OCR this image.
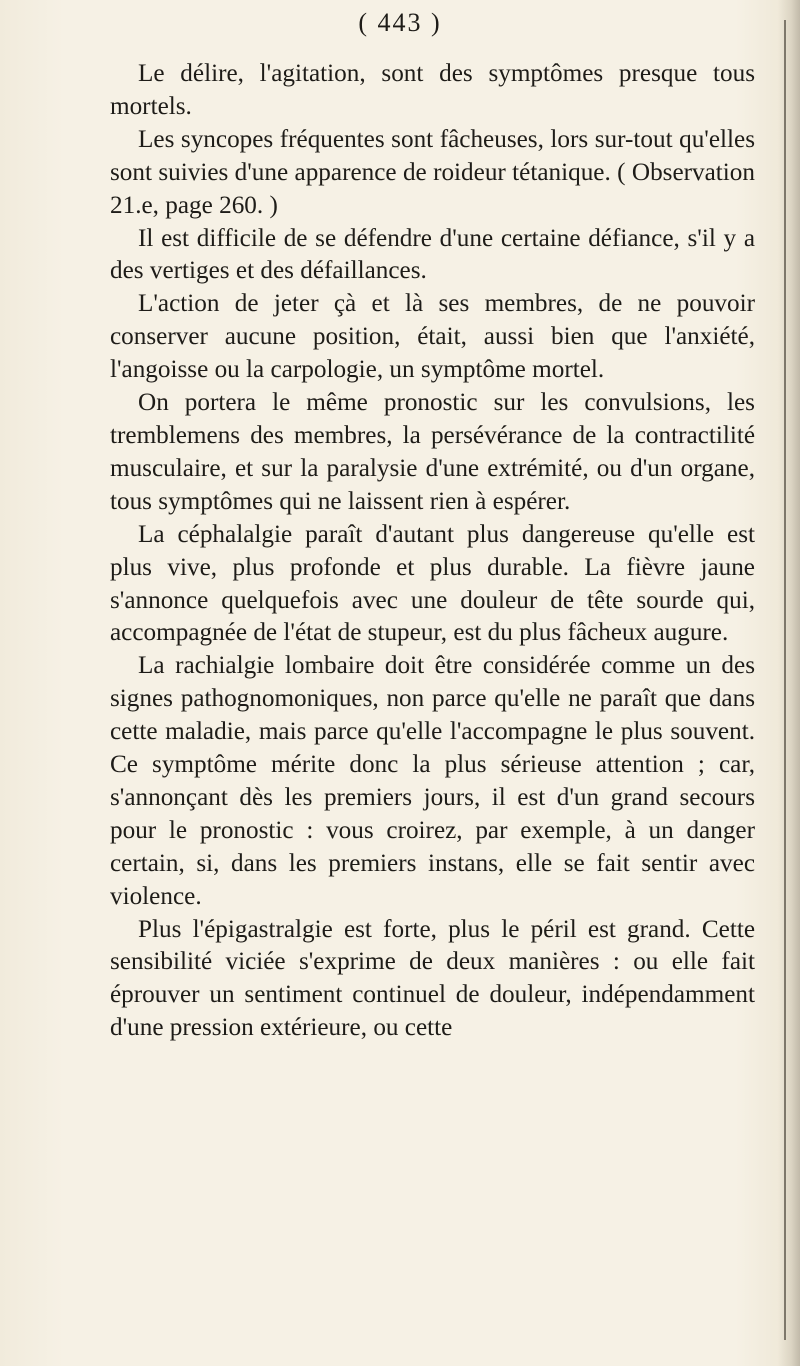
( 443 )

Le délire, l'agitation, sont des symptômes presque tous mortels.

Les syncopes fréquentes sont fâcheuses, lors sur-tout qu'elles sont suivies d'une apparence de roideur tétanique. ( Observation 21.e, page 260. )

Il est difficile de se défendre d'une certaine défiance, s'il y a des vertiges et des défaillances.

L'action de jeter çà et là ses membres, de ne pouvoir conserver aucune position, était, aussi bien que l'anxiété, l'angoisse ou la carpologie, un symptôme mortel.

On portera le même pronostic sur les convulsions, les tremblemens des membres, la persévérance de la contractilité musculaire, et sur la paralysie d'une extrémité, ou d'un organe, tous symptômes qui ne laissent rien à espérer.

La céphalalgie paraît d'autant plus dangereuse qu'elle est plus vive, plus profonde et plus durable. La fièvre jaune s'annonce quelquefois avec une douleur de tête sourde qui, accompagnée de l'état de stupeur, est du plus fâcheux augure.

La rachialgie lombaire doit être considérée comme un des signes pathognomoniques, non parce qu'elle ne paraît que dans cette maladie, mais parce qu'elle l'accompagne le plus souvent. Ce symptôme mérite donc la plus sérieuse attention ; car, s'annonçant dès les premiers jours, il est d'un grand secours pour le pronostic : vous croirez, par exemple, à un danger certain, si, dans les premiers instans, elle se fait sentir avec violence.

Plus l'épigastralgie est forte, plus le péril est grand. Cette sensibilité viciée s'exprime de deux manières : ou elle fait éprouver un sentiment continuel de douleur, indépendamment d'une pression extérieure, ou cette
